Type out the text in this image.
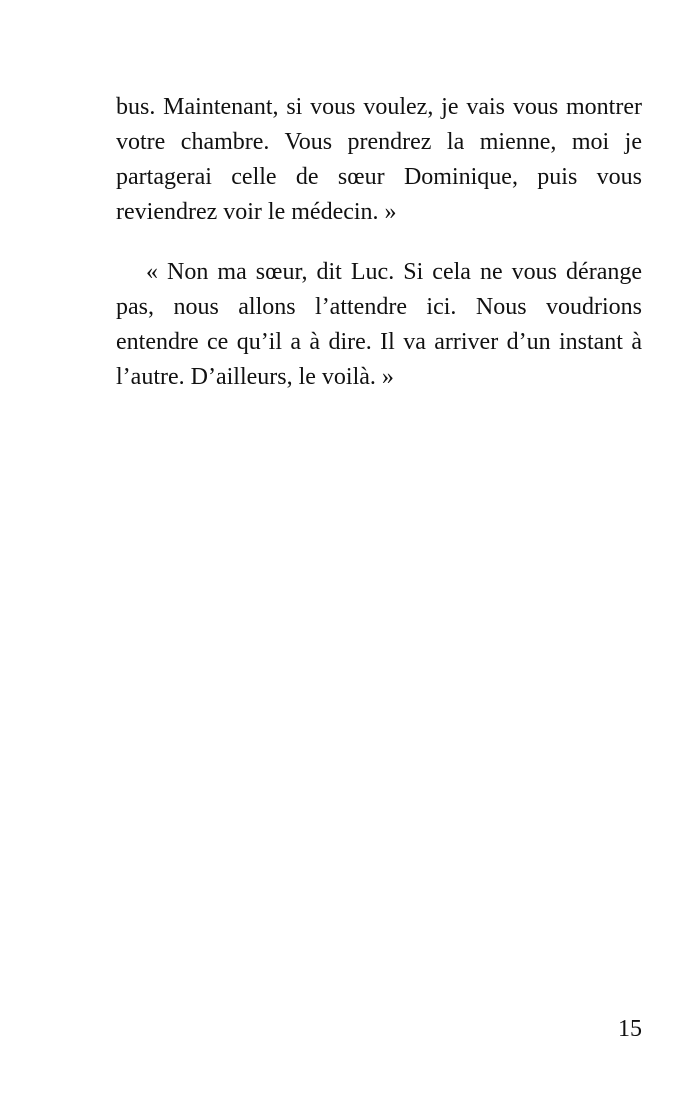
bus. Maintenant, si vous voulez, je vais vous montrer votre chambre. Vous prendrez la mienne, moi je partagerai celle de sœur Dominique, puis vous reviendrez voir le médecin. »

« Non ma sœur, dit Luc. Si cela ne vous dérange pas, nous allons l’attendre ici. Nous voudrions entendre ce qu’il a à dire. Il va arriver d’un instant à l’autre. D’ailleurs, le voilà. »

15
